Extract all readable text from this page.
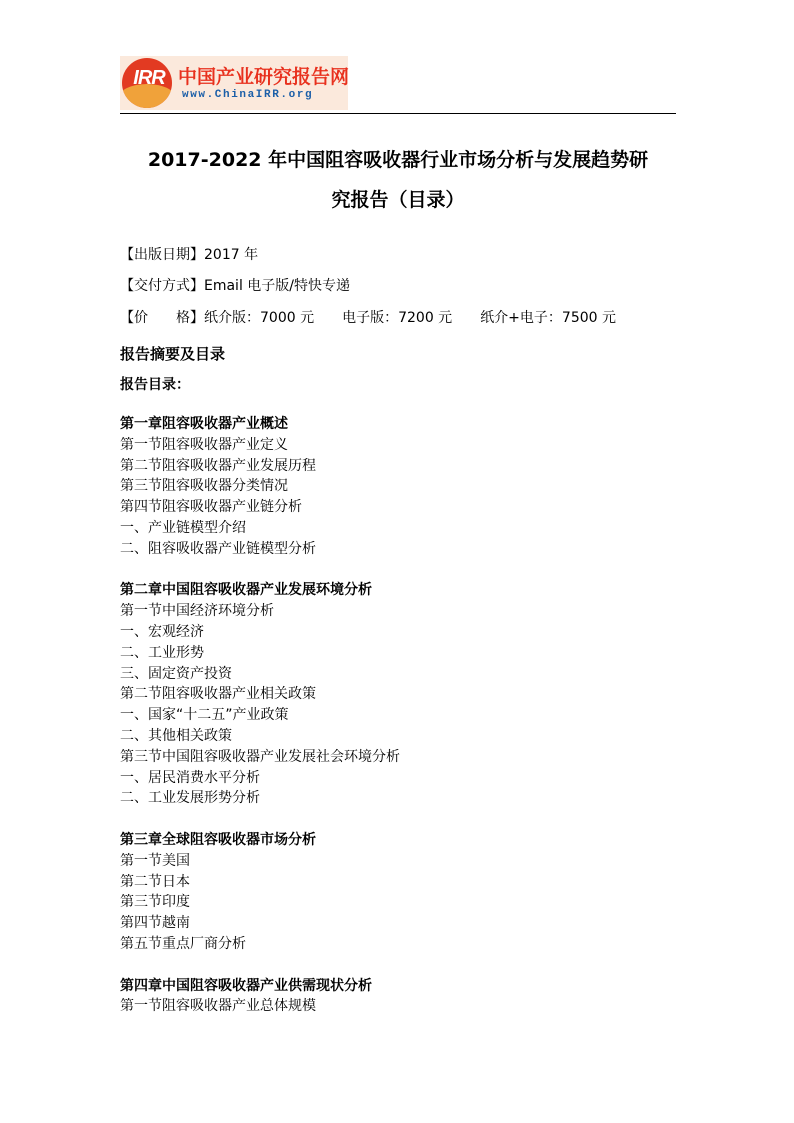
IRR 中国产业研究报告网
www.ChinaIRR.org
2017-2022 年中国阻容吸收器行业市场分析与发展趋势研
究报告（目录）
【出版日期】2017 年
【交付方式】Email 电子版/特快专递
【价　　格】纸介版：7000 元 电子版：7200 元 纸介+电子：7500 元
报告摘要及目录
报告目录：
第一章阻容吸收器产业概述
第一节阻容吸收器产业定义
第二节阻容吸收器产业发展历程
第三节阻容吸收器分类情况
第四节阻容吸收器产业链分析
一、产业链模型介绍
二、阻容吸收器产业链模型分析
第二章中国阻容吸收器产业发展环境分析
第一节中国经济环境分析
一、宏观经济
二、工业形势
三、固定资产投资
第二节阻容吸收器产业相关政策
一、国家“十二五”产业政策
二、其他相关政策
第三节中国阻容吸收器产业发展社会环境分析
一、居民消费水平分析
二、工业发展形势分析
第三章全球阻容吸收器市场分析
第一节美国
第二节日本
第三节印度
第四节越南
第五节重点厂商分析
第四章中国阻容吸收器产业供需现状分析
第一节阻容吸收器产业总体规模
